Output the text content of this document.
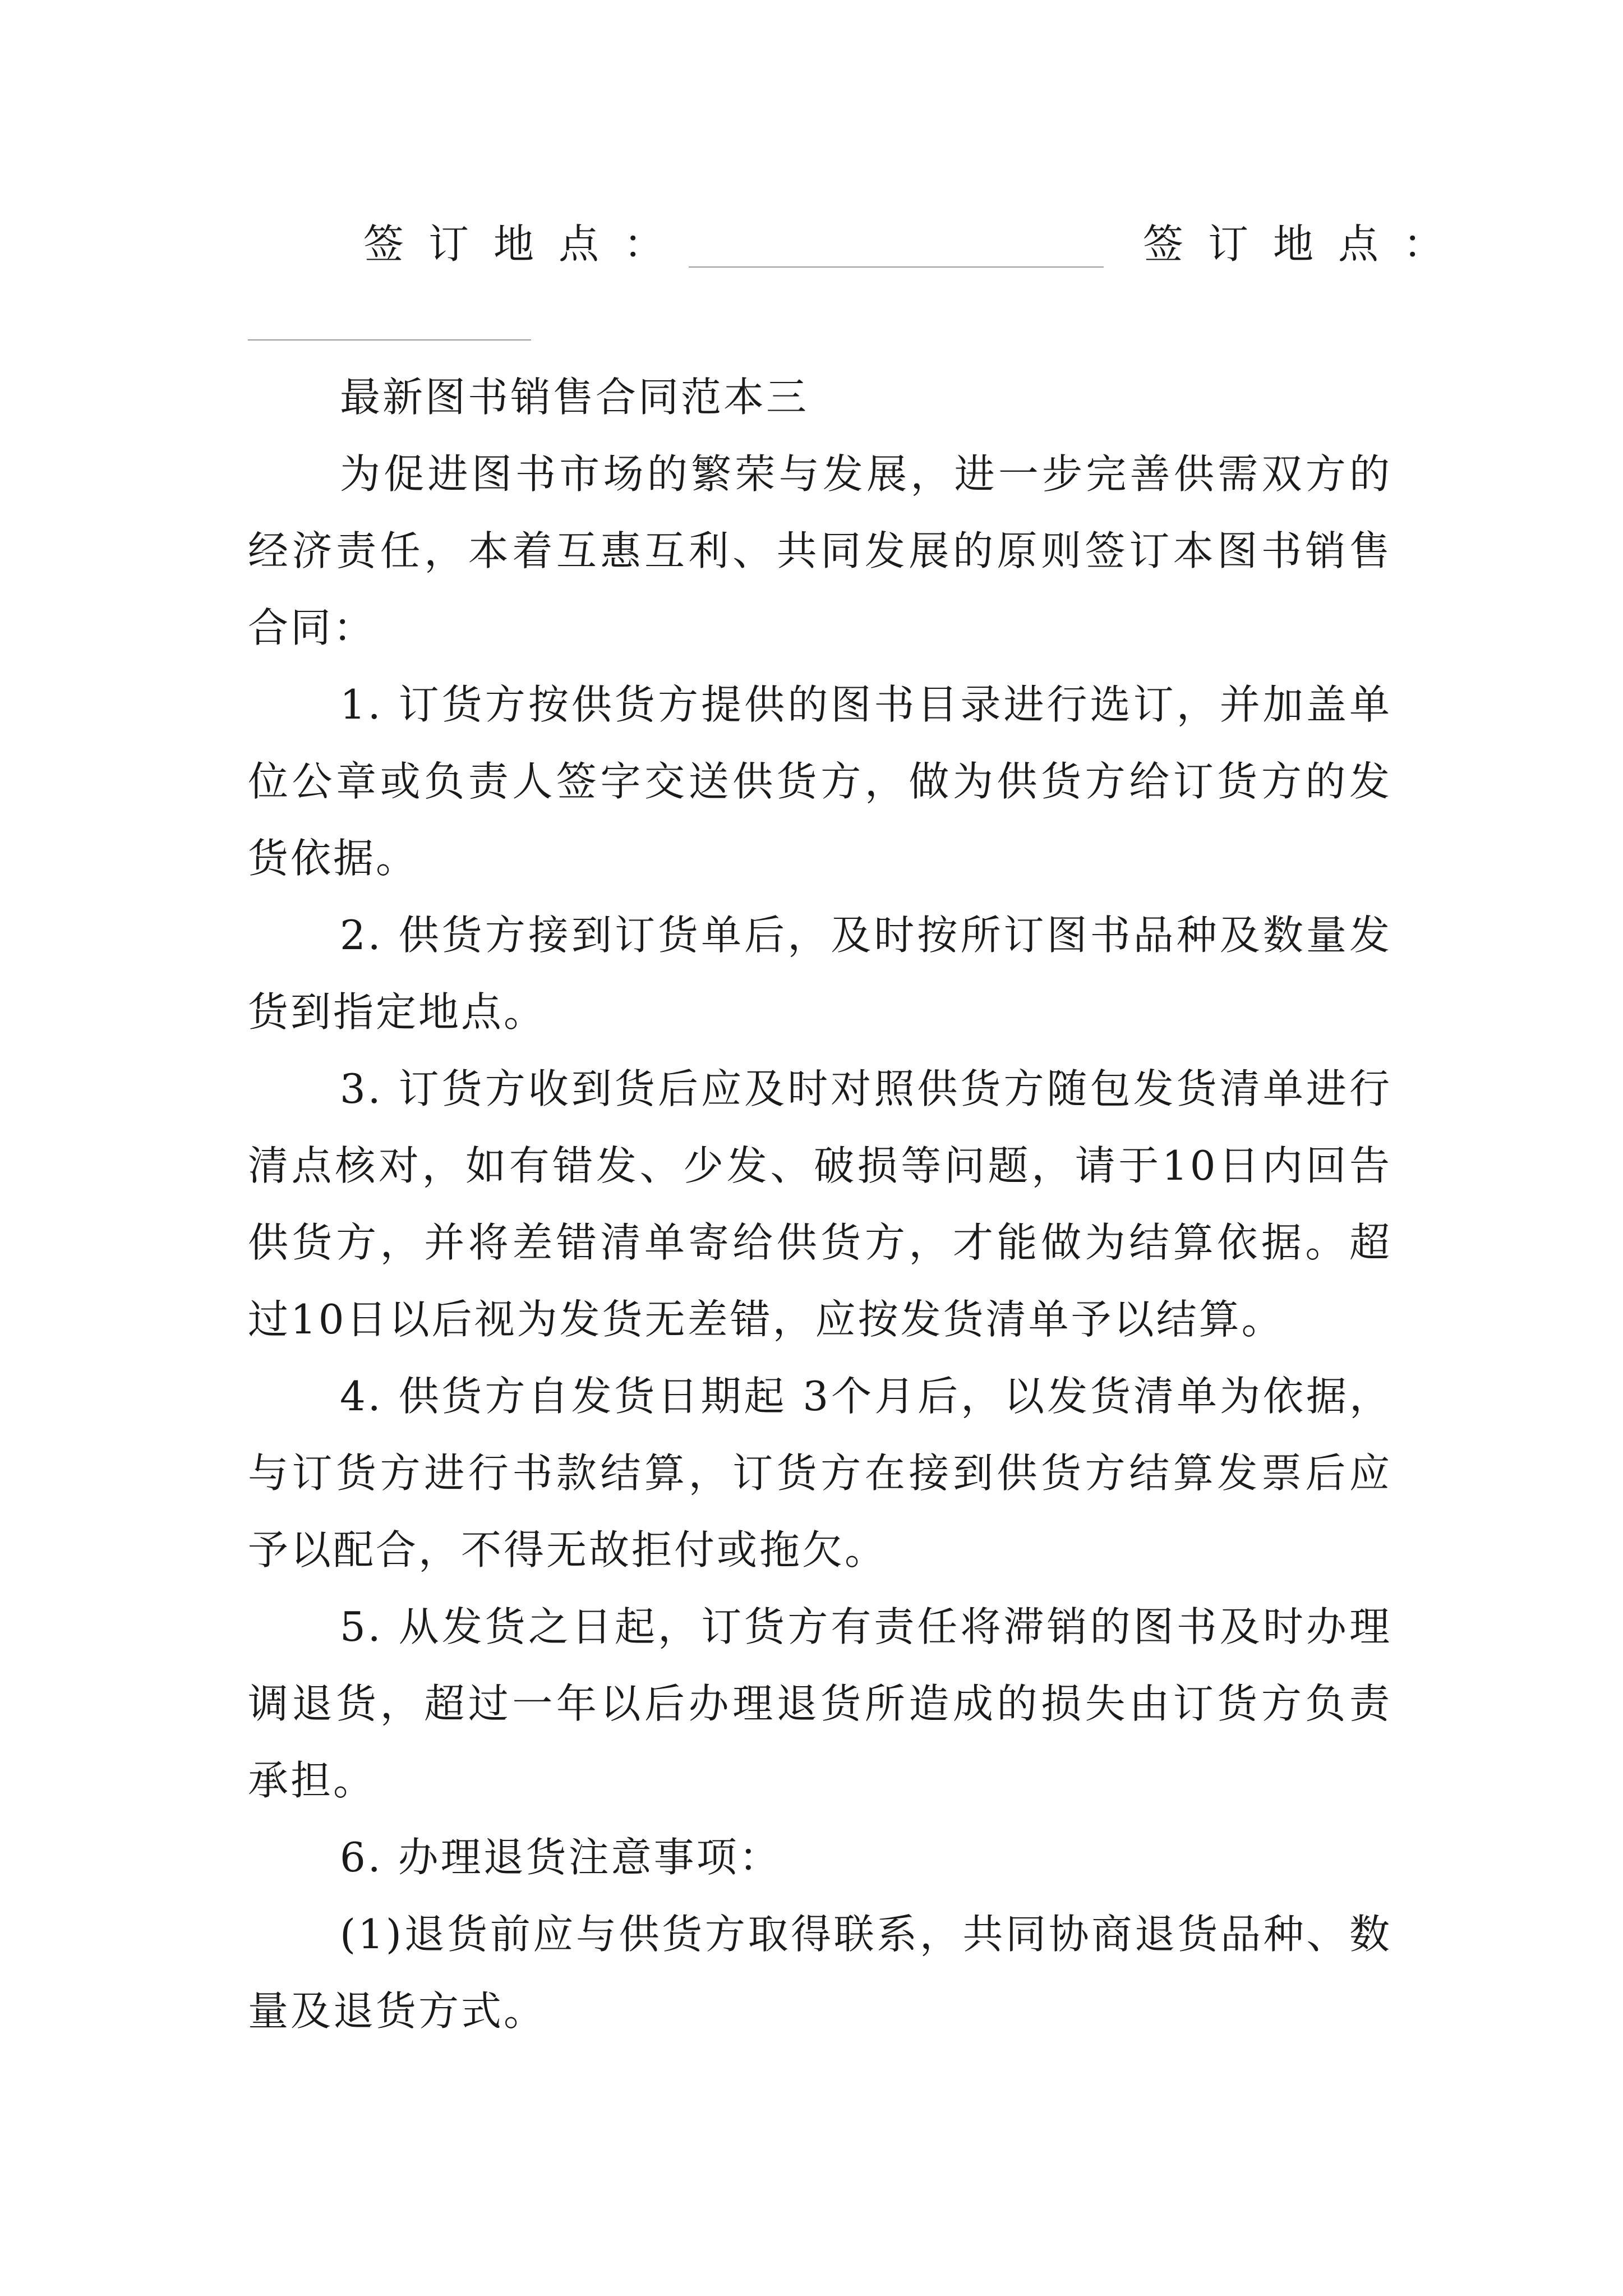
签订地点：	签订地点：

最新图书销售合同范本三

为促进图书市场的繁荣与发展，进一步完善供需双方的经济责任，本着互惠互利、共同发展的原则签订本图书销售合同：

1. 订货方按供货方提供的图书目录进行选订，并加盖单位公章或负责人签字交送供货方，做为供货方给订货方的发货依据。

2. 供货方接到订货单后，及时按所订图书品种及数量发货到指定地点。

3. 订货方收到货后应及时对照供货方随包发货清单进行清点核对，如有错发、少发、破损等问题，请于10日内回告供货方，并将差错清单寄给供货方，才能做为结算依据。超过10日以后视为发货无差错，应按发货清单予以结算。

4. 供货方自发货日期起 3个月后，以发货清单为依据，与订货方进行书款结算，订货方在接到供货方结算发票后应予以配合，不得无故拒付或拖欠。

5. 从发货之日起，订货方有责任将滞销的图书及时办理调退货，超过一年以后办理退货所造成的损失由订货方负责承担。

6. 办理退货注意事项：

(1)退货前应与供货方取得联系，共同协商退货品种、数量及退货方式。
